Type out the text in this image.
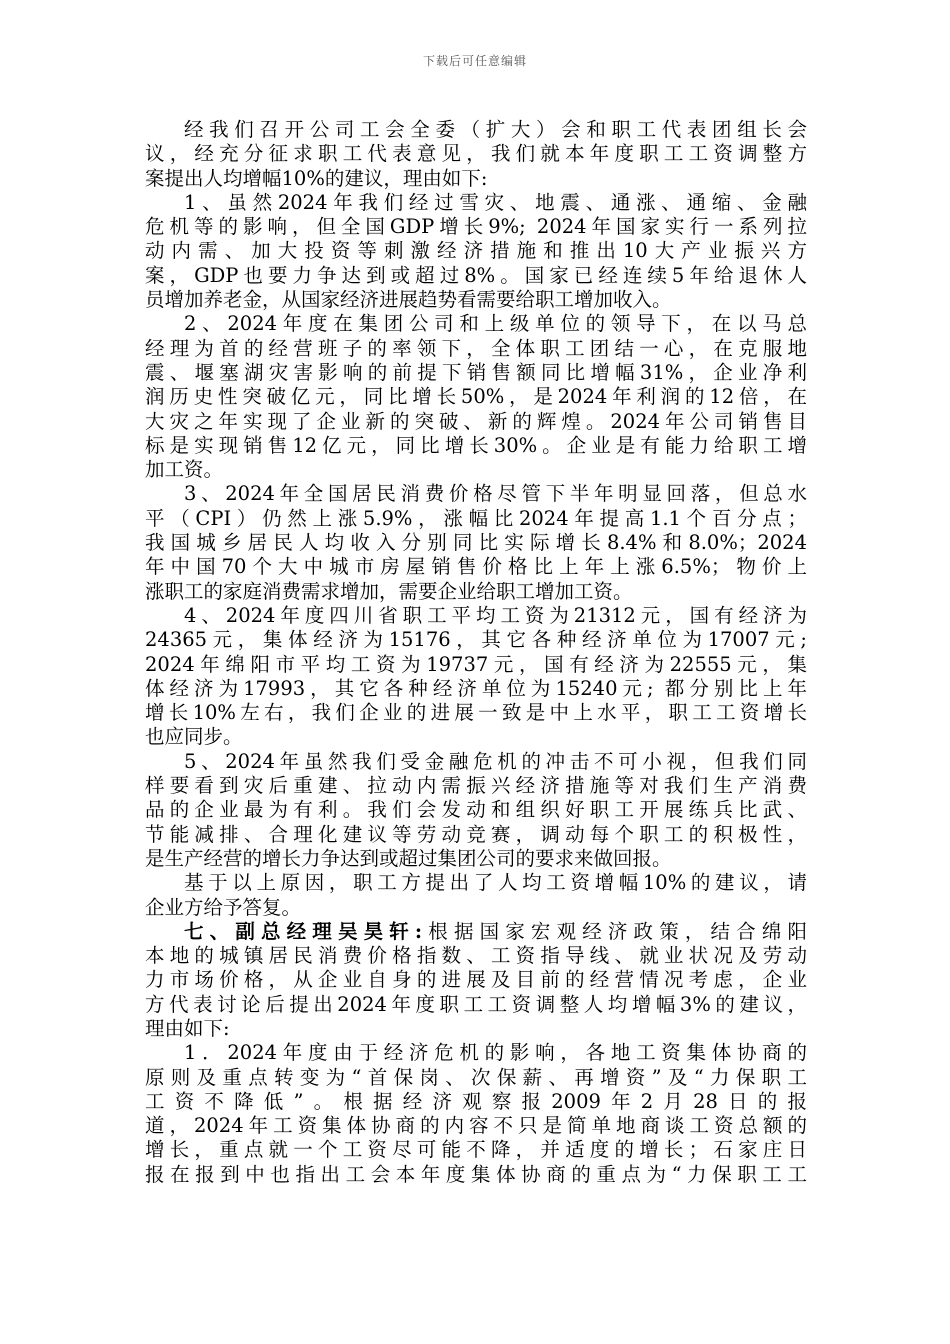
下载后可任意编辑
经我们召开公司工会全委（扩大）会和职工代表团组长会
议，经充分征求职工代表意见，我们就本年度职工工资调整方
案提出人均增幅10%的建议，理由如下:
1、虽然2024年我们经过雪灾、地震、通涨、通缩、金融
危机等的影响，但全国GDP增长9%; 2024年国家实行一系列拉
动内需、加大投资等刺激经济措施和推出10大产业振兴方
案，GDP也要力争达到或超过8%。国家已经连续5年给退休人
员增加养老金，从国家经济进展趋势看需要给职工增加收入。
2、2024年度在集团公司和上级单位的领导下，在以马总
经理为首的经营班子的率领下，全体职工团结一心，在克服地
震、堰塞湖灾害影响的前提下销售额同比增幅31%，企业净利
润历史性突破亿元，同比增长50%，是2024年利润的12倍，在
大灾之年实现了企业新的突破、新的辉煌。2024年公司销售目
标是实现销售12亿元，同比增长30%。企业是有能力给职工增
加工资。
3、2024年全国居民消费价格尽管下半年明显回落，但总水
平（CPI）仍然上涨5.9%，涨幅比2024年提高1.1个百分点；
我国城乡居民人均收入分别同比实际增长8.4%和8.0%；2024
年中国70个大中城市房屋销售价格比上年上涨6.5%；物价上
涨职工的家庭消费需求增加，需要企业给职工增加工资。
4、2024年度四川省职工平均工资为21312元，国有经济为
24365元，集体经济为15176，其它各种经济单位为17007元;
2024年绵阳市平均工资为19737元，国有经济为22555元，集
体经济为17993，其它各种经济单位为15240元; 都分别比上年
增长10%左右，我们企业的进展一致是中上水平，职工工资增长
也应同步。
5、2024年虽然我们受金融危机的冲击不可小视，但我们同
样要看到灾后重建、拉动内需振兴经济措施等对我们生产消费
品的企业最为有利。我们会发动和组织好职工开展练兵比武、
节能减排、合理化建议等劳动竞赛，调动每个职工的积极性，
是生产经营的增长力争达到或超过集团公司的要求来做回报。
基于以上原因，职工方提出了人均工资增幅10%的建议，请
企业方给予答复。
七、副总经理吴昊轩:根据国家宏观经济政策，结合绵阳
本地的城镇居民消费价格指数、工资指导线、就业状况及劳动
力市场价格，从企业自身的进展及目前的经营情况考虑，企业
方代表讨论后提出2024年度职工工资调整人均增幅3%的建议，
理由如下:
1．2024年度由于经济危机的影响，各地工资集体协商的
原则及重点转变为“首保岗、次保薪、再增资”及“力保职工
工资不降低”。根据经济观察报2009年2月28日的报
道，2024年工资集体协商的内容不只是简单地商谈工资总额的
增长，重点就一个工资尽可能不降，并适度的增长；石家庄日
报在报到中也指出工会本年度集体协商的重点为“力保职工工
